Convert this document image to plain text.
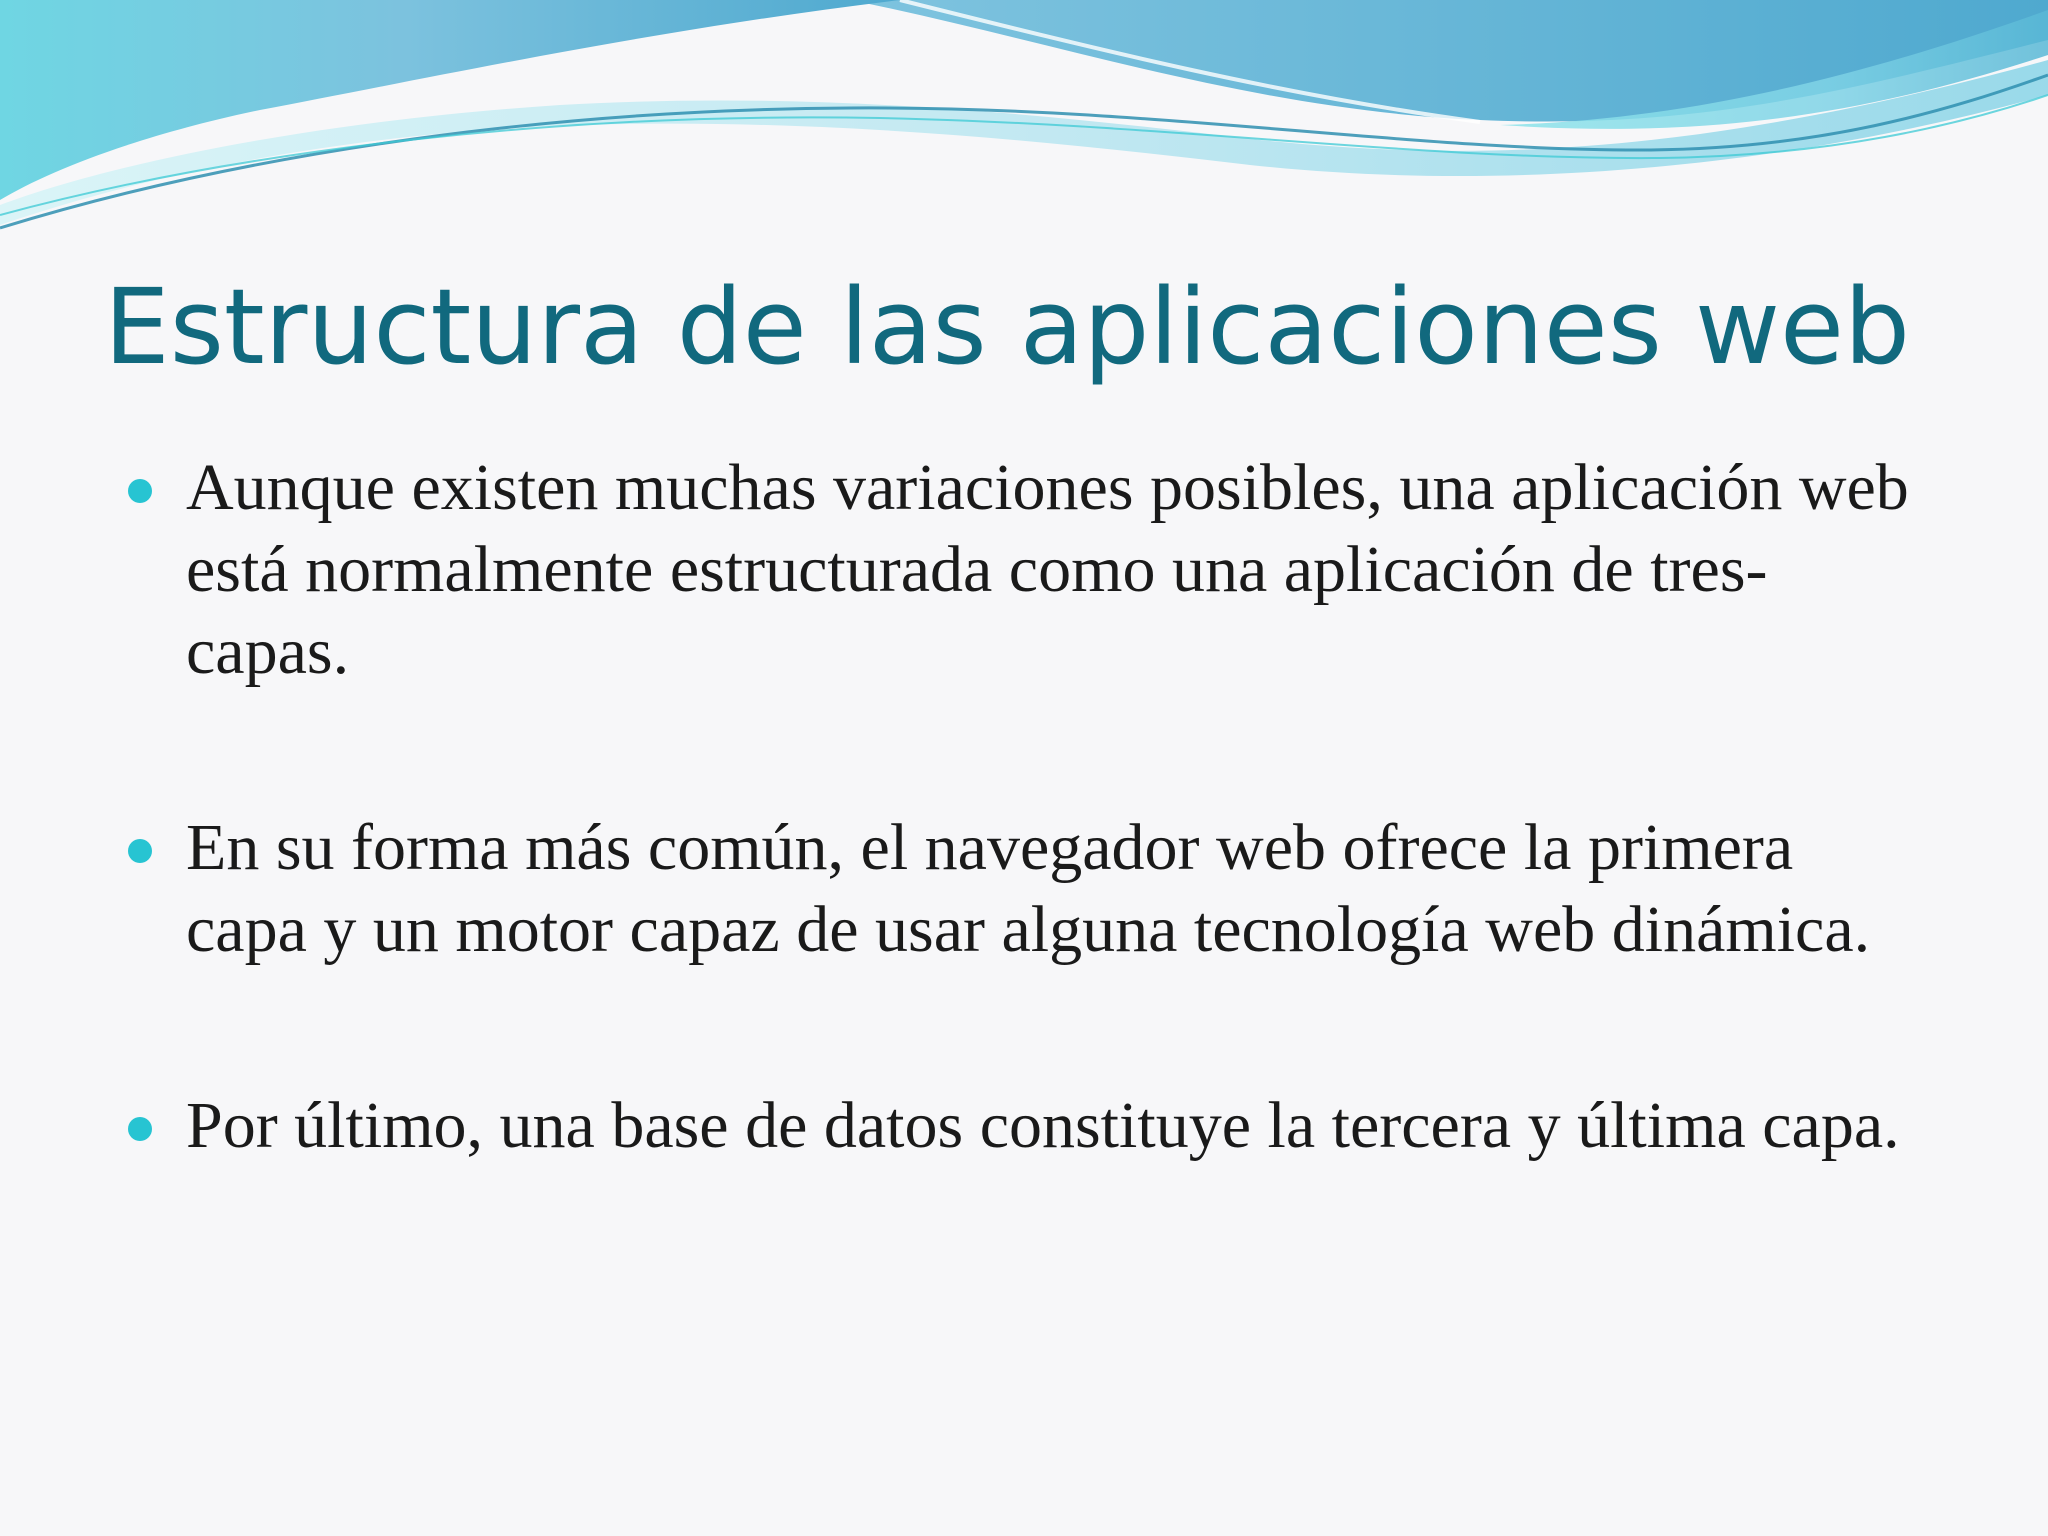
Estructura de las aplicaciones web
Aunque existen muchas variaciones posibles, una aplicación web está normalmente estructurada como una aplicación de tres-capas.
En su forma más común, el navegador web ofrece la primera capa y un motor capaz de usar alguna tecnología web dinámica.
Por último, una base de datos constituye la tercera y última capa.
